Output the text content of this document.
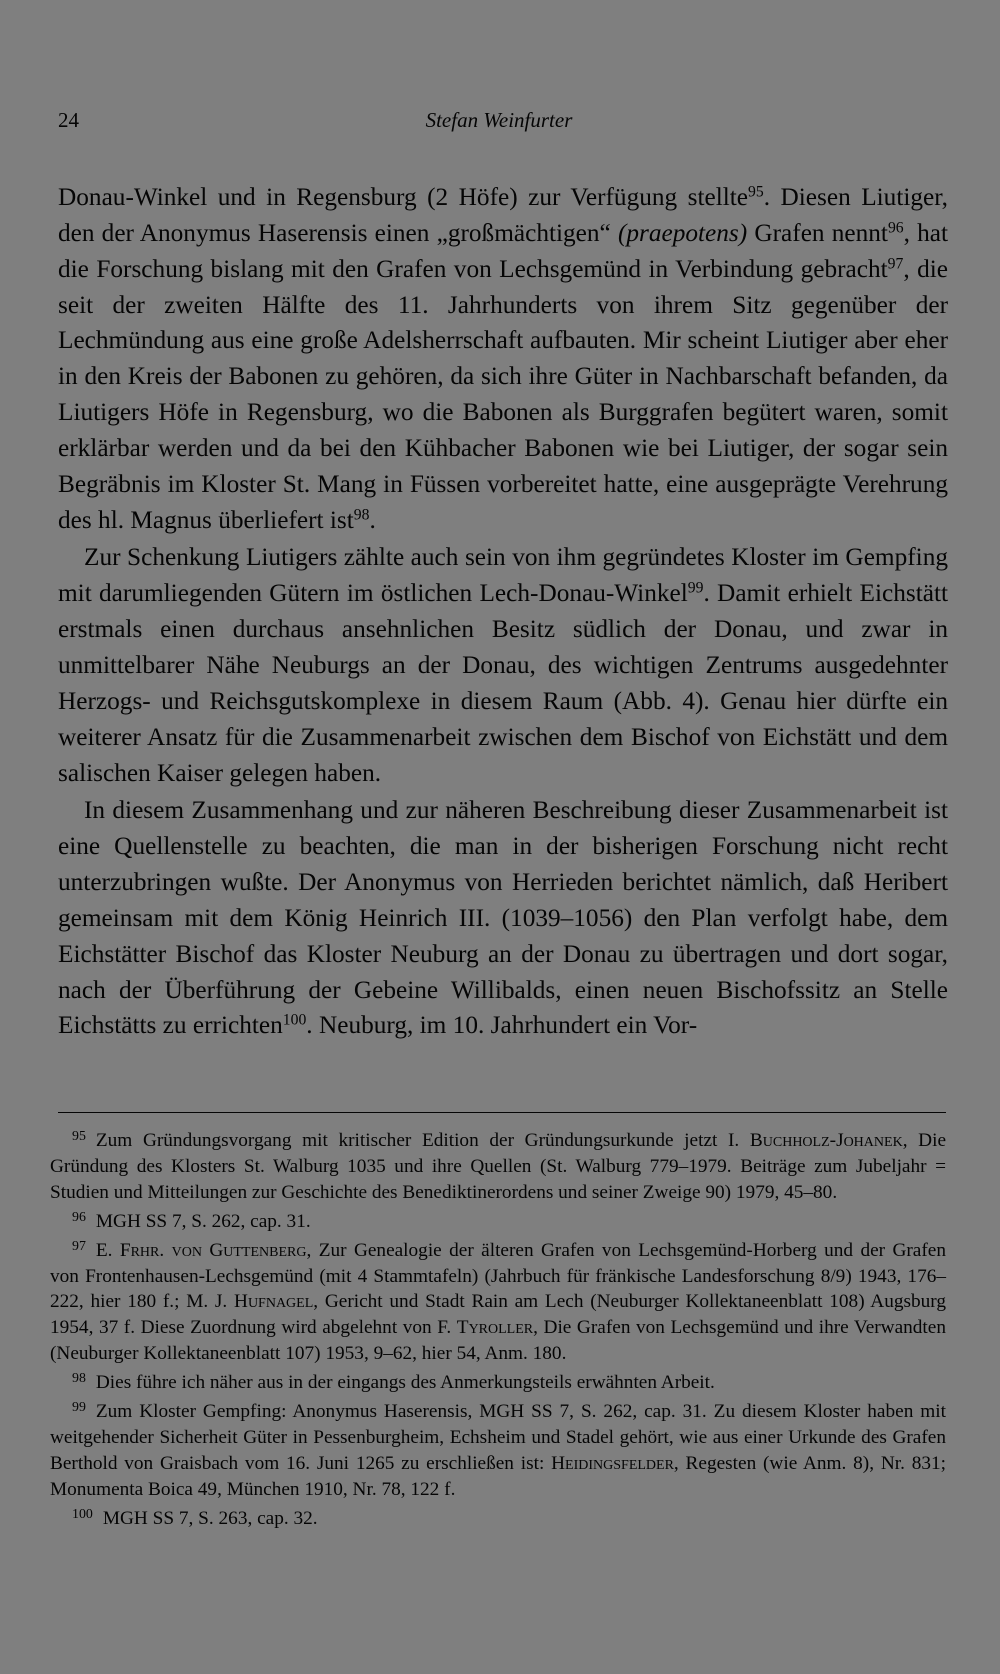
24	Stefan Weinfurter

Donau-Winkel und in Regensburg (2 Höfe) zur Verfügung stellte$^{95}$. Diesen Liutiger, den der Anonymus Haserensis einen „großmächtigen“ (praepotens) Grafen nennt$^{96}$, hat die Forschung bislang mit den Grafen von Lechsgemünd in Verbindung gebracht$^{97}$, die seit der zweiten Hälfte des 11. Jahrhunderts von ihrem Sitz gegenüber der Lechmündung aus eine große Adelsherrschaft aufbauten. Mir scheint Liutiger aber eher in den Kreis der Babonen zu gehören, da sich ihre Güter in Nachbarschaft befanden, da Liutigers Höfe in Regensburg, wo die Babonen als Burggrafen begütert waren, somit erklärbar werden und da bei den Kühbacher Babonen wie bei Liutiger, der sogar sein Begräbnis im Kloster St. Mang in Füssen vorbereitet hatte, eine ausgeprägte Verehrung des hl. Magnus überliefert ist$^{98}$.

Zur Schenkung Liutigers zählte auch sein von ihm gegründetes Kloster im Gempfing mit darumliegenden Gütern im östlichen Lech-Donau-Winkel$^{99}$. Damit erhielt Eichstätt erstmals einen durchaus ansehnlichen Besitz südlich der Donau, und zwar in unmittelbarer Nähe Neuburgs an der Donau, des wichtigen Zentrums ausgedehnter Herzogs- und Reichsgutskomplexe in diesem Raum (Abb. 4). Genau hier dürfte ein weiterer Ansatz für die Zusammenarbeit zwischen dem Bischof von Eichstätt und dem salischen Kaiser gelegen haben.

In diesem Zusammenhang und zur näheren Beschreibung dieser Zusammenarbeit ist eine Quellenstelle zu beachten, die man in der bisherigen Forschung nicht recht unterzubringen wußte. Der Anonymus von Herrieden berichtet nämlich, daß Heribert gemeinsam mit dem König Heinrich III. (1039–1056) den Plan verfolgt habe, dem Eichstätter Bischof das Kloster Neuburg an der Donau zu übertragen und dort sogar, nach der Überführung der Gebeine Willibalds, einen neuen Bischofssitz an Stelle Eichstätts zu errichten$^{100}$. Neuburg, im 10. Jahrhundert ein Vor-

95 Zum Gründungsvorgang mit kritischer Edition der Gründungsurkunde jetzt I. Buchholz-Johanek, Die Gründung des Klosters St. Walburg 1035 und ihre Quellen (St. Walburg 779–1979. Beiträge zum Jubeljahr = Studien und Mitteilungen zur Geschichte des Benediktinerordens und seiner Zweige 90) 1979, 45–80.

96 MGH SS 7, S. 262, cap. 31.

97 E. Frhr. von Guttenberg, Zur Genealogie der älteren Grafen von Lechsgemünd-Horberg und der Grafen von Frontenhausen-Lechsgemünd (mit 4 Stammtafeln) (Jahrbuch für fränkische Landesforschung 8/9) 1943, 176–222, hier 180 f.; M. J. Hufnagel, Gericht und Stadt Rain am Lech (Neuburger Kollektaneenblatt 108) Augsburg 1954, 37 f. Diese Zuordnung wird abgelehnt von F. Tyroller, Die Grafen von Lechsgemünd und ihre Verwandten (Neuburger Kollektaneenblatt 107) 1953, 9–62, hier 54, Anm. 180.

98 Dies führe ich näher aus in der eingangs des Anmerkungsteils erwähnten Arbeit.

99 Zum Kloster Gempfing: Anonymus Haserensis, MGH SS 7, S. 262, cap. 31. Zu diesem Kloster haben mit weitgehender Sicherheit Güter in Pessenburgheim, Echsheim und Stadel gehört, wie aus einer Urkunde des Grafen Berthold von Graisbach vom 16. Juni 1265 zu erschließen ist: Heidingsfelder, Regesten (wie Anm. 8), Nr. 831; Monumenta Boica 49, München 1910, Nr. 78, 122 f.

100 MGH SS 7, S. 263, cap. 32.
